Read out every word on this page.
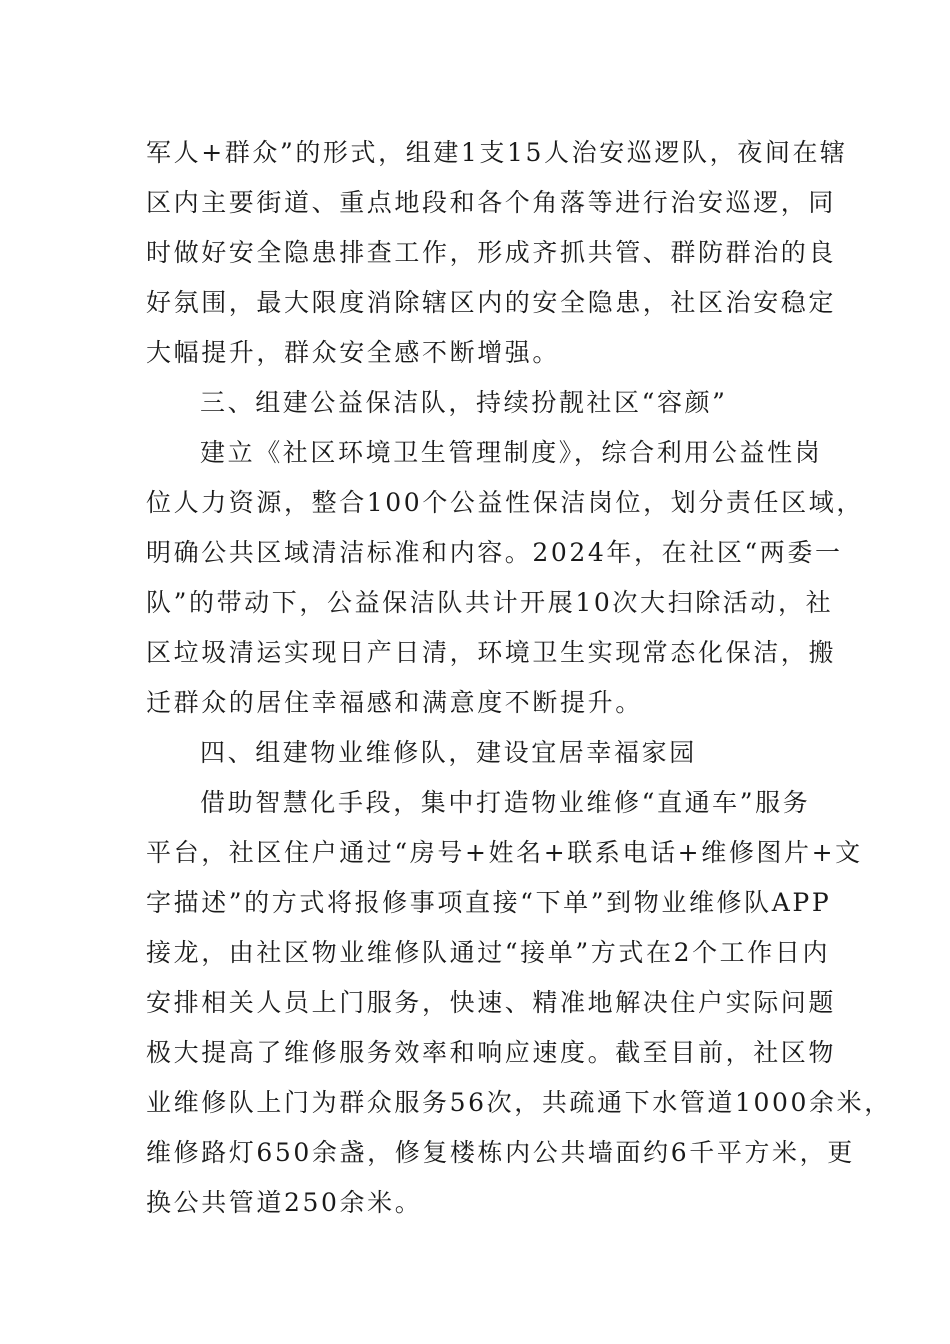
军人+群众”的形式，组建1支15人治安巡逻队，夜间在辖
区内主要街道、重点地段和各个角落等进行治安巡逻，同
时做好安全隐患排查工作，形成齐抓共管、群防群治的良
好氛围，最大限度消除辖区内的安全隐患，社区治安稳定
大幅提升，群众安全感不断增强。
三、组建公益保洁队，持续扮靓社区“容颜”
建立《社区环境卫生管理制度》，综合利用公益性岗
位人力资源，整合100个公益性保洁岗位，划分责任区域，
明确公共区域清洁标准和内容。2024年，在社区“两委一
队”的带动下，公益保洁队共计开展10次大扫除活动，社
区垃圾清运实现日产日清，环境卫生实现常态化保洁，搬
迁群众的居住幸福感和满意度不断提升。
四、组建物业维修队，建设宜居幸福家园
借助智慧化手段，集中打造物业维修“直通车”服务
平台，社区住户通过“房号+姓名+联系电话+维修图片+文
字描述”的方式将报修事项直接“下单”到物业维修队APP
接龙，由社区物业维修队通过“接单”方式在2个工作日内
安排相关人员上门服务，快速、精准地解决住户实际问题
极大提高了维修服务效率和响应速度。截至目前，社区物
业维修队上门为群众服务56次，共疏通下水管道1000余米，
维修路灯650余盏，修复楼栋内公共墙面约6千平方米，更
换公共管道250余米。
